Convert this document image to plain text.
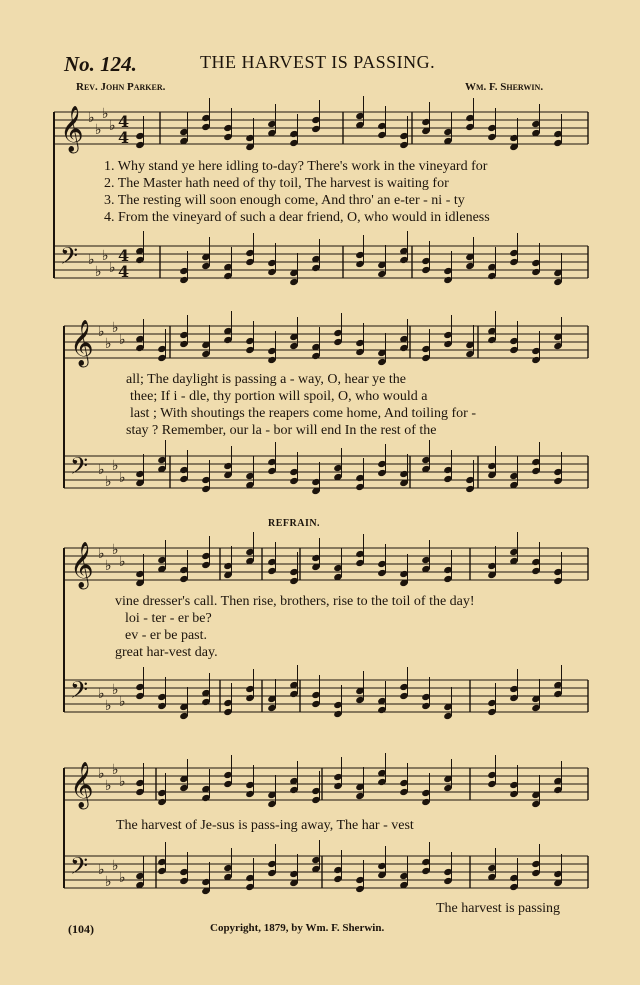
No. 124.	THE HARVEST IS PASSING.
Rev. John Parker.	Wm. F. Sherwin.
𝄞 ♭
♭
♭
♭ 4
4
𝄢 ♭
♭
♭
♭
4
4
𝄞 ♭
♭
♭
♭
𝄢 ♭
♭
♭
♭
𝄞 ♭
♭
♭
♭
𝄢 ♭
♭
♭
♭
𝄞 ♭
♭
♭
♭
𝄢 ♭
♭
♭
♭
1. Why stand ye here idling to-day? There's work in the vineyard for
2. The Master hath need of thy toil, The harvest is waiting for
3. The resting will soon enough come, And thro' an e-ter - ni - ty
4. From the vineyard of such a dear friend, O, who would in idleness
all; The daylight is passing a - way, O, hear ye the
thee; If i - dle, thy portion will spoil, O, who would a
last ; With shoutings the reapers come home, And toiling for -
stay ? Remember, our la - bor will end In the rest of the
REFRAIN.
vine dresser's call. Then rise, brothers, rise to the toil of the day!
loi - ter - er be?
ev - er be past.
great har-vest day.
The harvest of Je-sus is pass-ing away, The har - vest
The harvest is passing
(104)	Copyright, 1879, by Wm. F. Sherwin.
